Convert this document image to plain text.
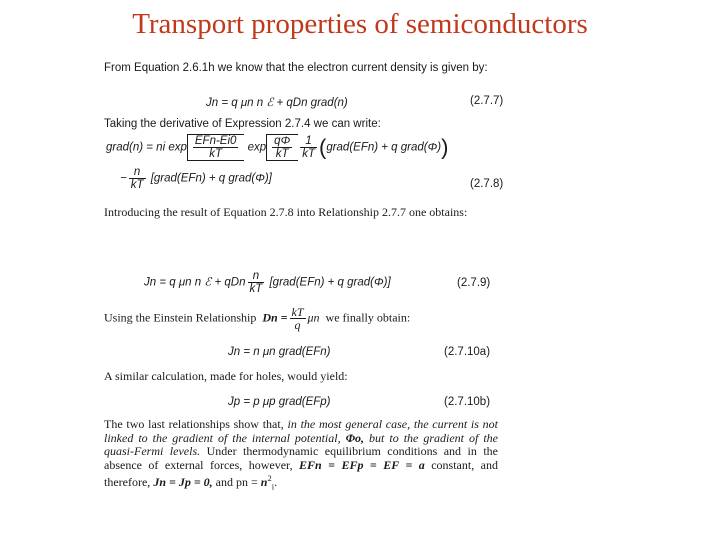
Transport properties of semiconductors
From Equation 2.6.1h we know that the electron current density is given by:
Jn = q μn n ℰ + qDn grad(n)	(2.7.7)
Taking the derivative of Expression 2.7.4 we can write:
grad(n) = ni $\exp \frac{\text{EFn-Ei0}}{kT}$ $\exp \frac{q\Phi}{kT} \frac{1}{kT}$ (grad(EFn) + q grad(Φ))
− $\frac{n}{kT}$ [grad(EFn) + q grad(Φ)]	(2.7.8)
Introducing the result of Equation 2.7.8 into Relationship 2.7.7 one obtains:
Jn = q μn n ℰ + qDn $\frac{n}{kT}$ [grad(EFn) + q grad(Φ)]	(2.7.9)
Using the Einstein Relationship $Dn = \frac{kT}{q}$ μn we finally obtain:
Jn = n μn grad(EFn)	(2.7.10a)
A similar calculation, made for holes, would yield:
Jp = p μp grad(EFp)	(2.7.10b)
The two last relationships show that, in the most general case, the current is not linked to the gradient of the internal potential, Φo, but to the gradient of the quasi-Fermi levels. Under thermodynamic equilibrium conditions and in the absence of external forces, however, EFn = EFp = EF = a constant, and therefore, Jn = Jp = 0, and pn = $n^2_i$.
